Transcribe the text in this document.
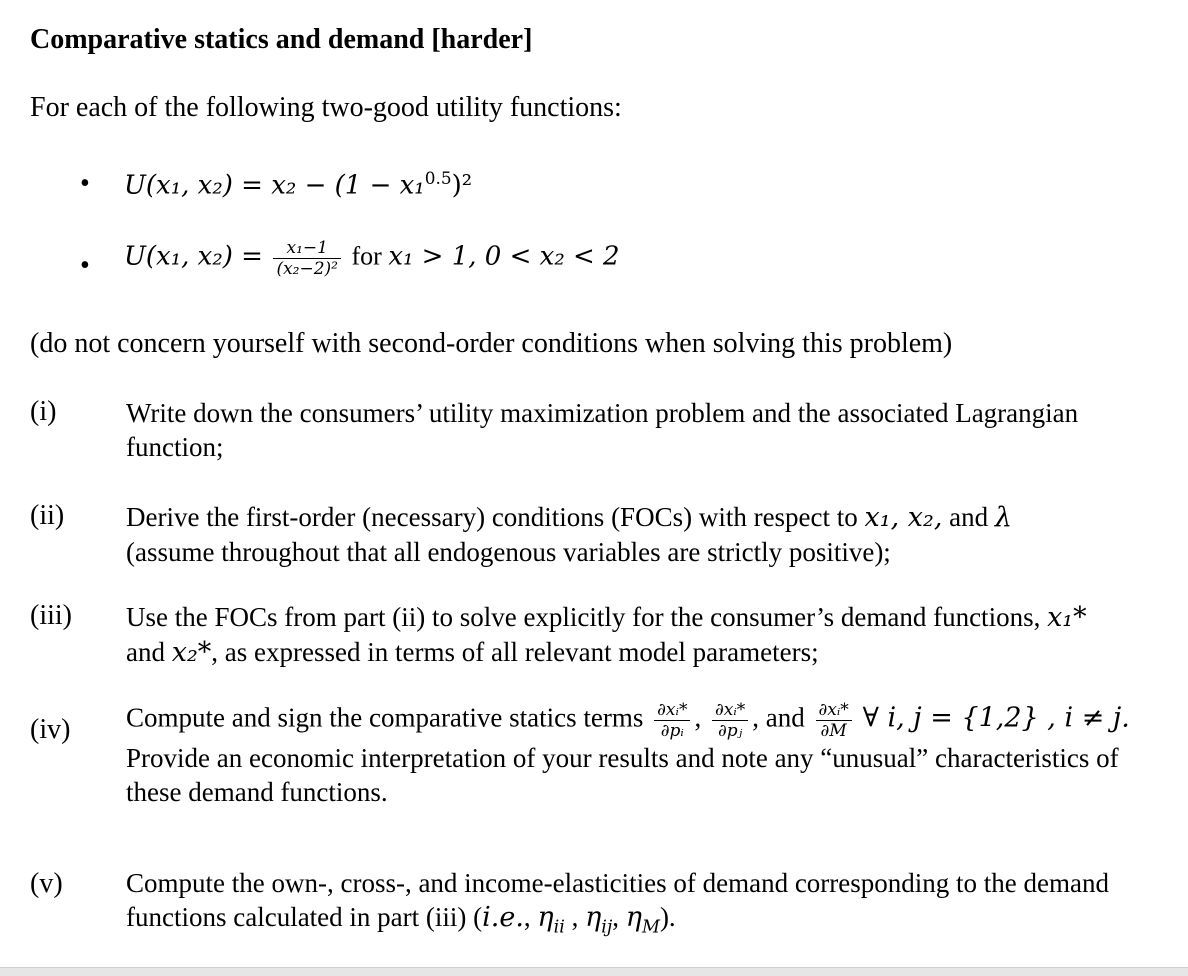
Comparative statics and demand [harder]
For each of the following two-good utility functions:
• U(x₁, x₂) = x₂ − (1 − x₁$^{0.5}$)²
• U(x₁, $x_2) = \frac{\text{x₁−1}}{\text{(x₂−2)²}}$ for x₁ > 1, 0 < x₂ < 2
(do not concern yourself with second-order conditions when solving this problem)
(i)	Write down the consumers’ utility maximization problem and the associated Lagrangian function;
(ii) Derive the first-order (necessary) conditions (FOCs) with respect to x₁, x₂, and λ
(assume throughout that all endogenous variables are strictly positive);
(iii) Use the FOCs from part (ii) to solve explicitly for the consumer’s demand functions, x₁*
and x₂*, as expressed in terms of all relevant model parameters;
(iv) Compute and sign the comparative statics terms $\frac{\text{∂xᵢ*}}{\text{∂pᵢ}}$ , $\frac{\text{∂xᵢ*}}{\text{∂pⱼ}}$ , and $\frac{\text{∂xᵢ*}}{\partial M}$ ∀ i, j = {1,2} , i ≠ j.
Provide an economic interpretation of your results and note any “unusual” characteristics of these demand functions.
(v) Compute the own-, cross-, and income-elasticities of demand corresponding to the demand functions calculated in part (iii) (i.e., $\eta_{ii}$ , $\eta_{ij}$, $\eta_M$).
